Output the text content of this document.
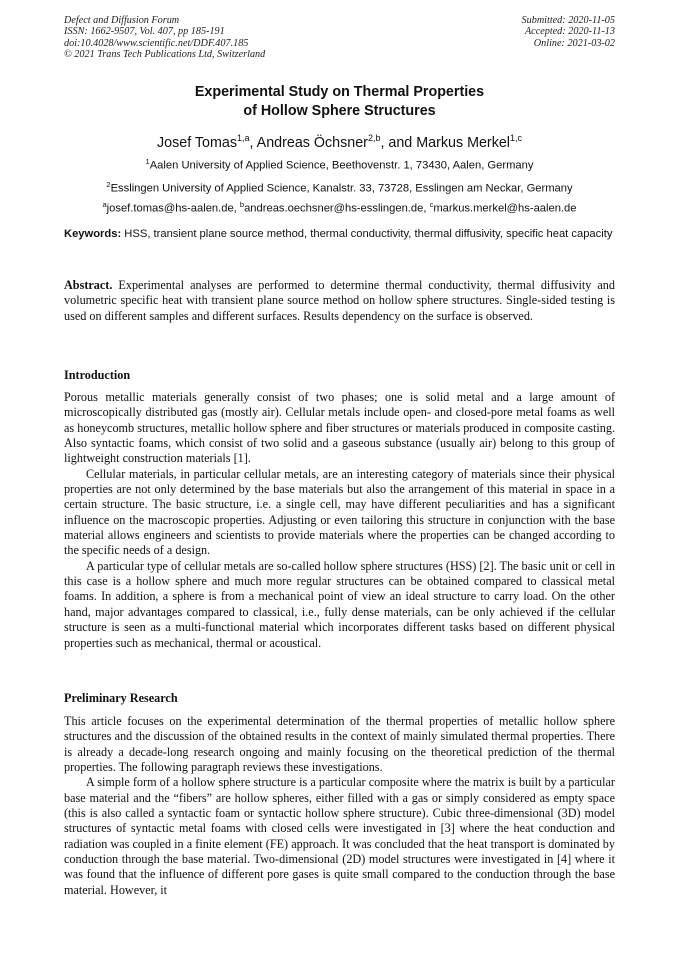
Defect and Diffusion Forum
ISSN: 1662-9507, Vol. 407, pp 185-191
doi:10.4028/www.scientific.net/DDF.407.185
© 2021 Trans Tech Publications Ltd, Switzerland
Submitted: 2020-11-05
Accepted: 2020-11-13
Online: 2021-03-02
Experimental Study on Thermal Properties
of Hollow Sphere Structures
Josef Tomas$^{1,a}$, Andreas Öchsner$^{2,b}$, and Markus Merkel$^{1,c}$
$^1$Aalen University of Applied Science, Beethovenstr. 1, 73430, Aalen, Germany
$^2$Esslingen University of Applied Science, Kanalstr. 33, 73728, Esslingen am Neckar, Germany
$^a$josef.tomas@hs-aalen.de, $^b$andreas.oechsner@hs-esslingen.de, $^c$markus.merkel@hs-aalen.de
Keywords: HSS, transient plane source method, thermal conductivity, thermal diffusivity, specific heat capacity

Abstract. Experimental analyses are performed to determine thermal conductivity, thermal diffusivity and volumetric specific heat with transient plane source method on hollow sphere structures. Single-sided testing is used on different samples and different surfaces. Results dependency on the surface is observed.

Introduction

Porous metallic materials generally consist of two phases; one is solid metal and a large amount of microscopically distributed gas (mostly air). Cellular metals include open- and closed-pore metal foams as well as honeycomb structures, metallic hollow sphere and fiber structures or materials produced in composite casting. Also syntactic foams, which consist of two solid and a gaseous substance (usually air) belong to this group of lightweight construction materials [1].

Cellular materials, in particular cellular metals, are an interesting category of materials since their physical properties are not only determined by the base materials but also the arrangement of this material in space in a certain structure. The basic structure, i.e. a single cell, may have different peculiarities and has a significant influence on the macroscopic properties. Adjusting or even tailoring this structure in conjunction with the base material allows engineers and scientists to provide materials where the properties can be changed according to the specific needs of a design.

A particular type of cellular metals are so-called hollow sphere structures (HSS) [2]. The basic unit or cell in this case is a hollow sphere and much more regular structures can be obtained compared to classical metal foams. In addition, a sphere is from a mechanical point of view an ideal structure to carry load. On the other hand, major advantages compared to classical, i.e., fully dense materials, can be only achieved if the cellular structure is seen as a multi-functional material which incorporates different tasks based on different physical properties such as mechanical, thermal or acoustical.

Preliminary Research

This article focuses on the experimental determination of the thermal properties of metallic hollow sphere structures and the discussion of the obtained results in the context of mainly simulated thermal properties. There is already a decade-long research ongoing and mainly focusing on the theoretical prediction of the thermal properties. The following paragraph reviews these investigations.

A simple form of a hollow sphere structure is a particular composite where the matrix is built by a particular base material and the “fibers” are hollow spheres, either filled with a gas or simply considered as empty space (this is also called a syntactic foam or syntactic hollow sphere structure). Cubic three-dimensional (3D) model structures of syntactic metal foams with closed cells were investigated in [3] where the heat conduction and radiation was coupled in a finite element (FE) approach. It was concluded that the heat transport is dominated by conduction through the base material. Two-dimensional (2D) model structures were investigated in [4] where it was found that the influence of different pore gases is quite small compared to the conduction through the base material. However, it
